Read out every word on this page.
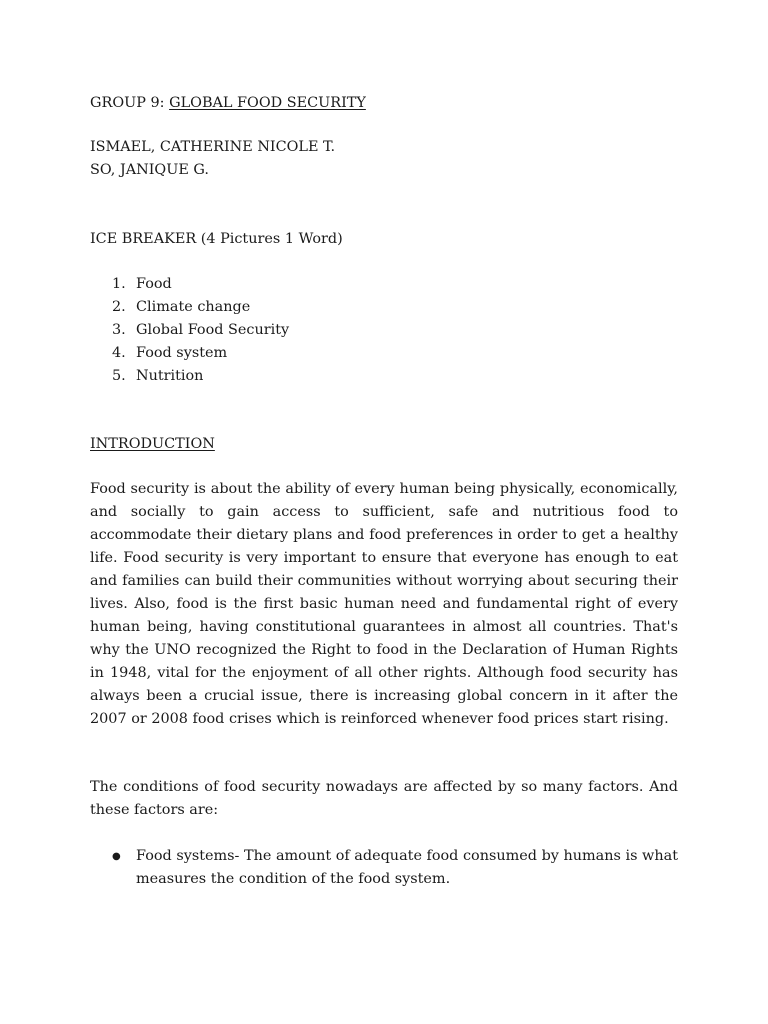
GROUP 9: GLOBAL FOOD SECURITY
ISMAEL, CATHERINE NICOLE T.
SO, JANIQUE G.
ICE BREAKER (4 Pictures 1 Word)
1. Food
2. Climate change
3. Global Food Security
4. Food system
5. Nutrition
INTRODUCTION

Food security is about the ability of every human being physically, economically, and socially to gain access to sufficient, safe and nutritious food to accommodate their dietary plans and food preferences in order to get a healthy life. Food security is very important to ensure that everyone has enough to eat and families can build their communities without worrying about securing their lives. Also, food is the first basic human need and fundamental right of every human being, having constitutional guarantees in almost all countries. That's why the UNO recognized the Right to food in the Declaration of Human Rights in 1948, vital for the enjoyment of all other rights. Although food security has always been a crucial issue, there is increasing global concern in it after the 2007 or 2008 food crises which is reinforced whenever food prices start rising.

The conditions of food security nowadays are affected by so many factors. And these factors are:

● Food systems- The amount of adequate food consumed by humans is what measures the condition of the food system.
